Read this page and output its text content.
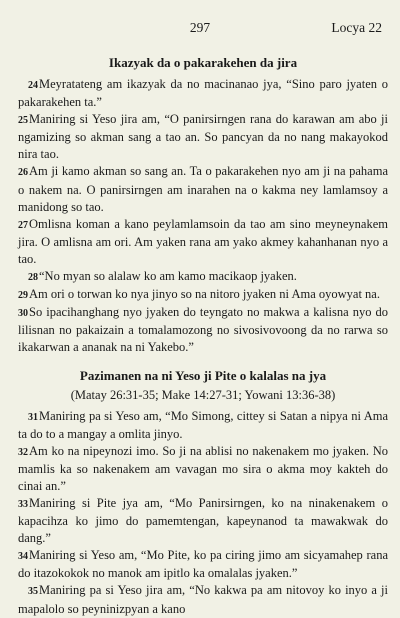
297	Locya 22
Ikazyak da o pakarakehen da jira

24Meyratateng am ikazyak da no macinanao jya, “Sino paro jyaten o pakarakehen ta.”

25Maniring si Yeso jira am, “O panirsirngen rana do karawan am abo ji ngamizing so akman sang a tao an. So pancyan da no nang makayokod nira tao.

26Am ji kamo akman so sang an. Ta o pakarakehen nyo am ji na pahama o nakem na. O panirsirngen am inarahen na o kakma ney lamlamsoy a manidong so tao.

27Omlisna koman a kano peylamlamsoin da tao am sino meyneynakem jira. O amlisna am ori. Am yaken rana am yako akmey kahanhanan nyo a tao.

28“No myan so alalaw ko am kamo macikaop jyaken.

29Am ori o torwan ko nya jinyo so na nitoro jyaken ni Ama oyowyat na.

30So ipacihanghang nyo jyaken do teyngato no makwa a kalisna nyo do lilisnan no pakaizain a tomalamozong no sivosivovoong da no rarwa so ikakarwan a ananak na ni Yakebo.”

Pazimanen na ni Yeso ji Pite o kalalas na jya
(Matay 26:31-35; Make 14:27-31; Yowani 13:36-38)

31Maniring pa si Yeso am, “Mo Simong, cittey si Satan a nipya ni Ama ta do to a mangay a omlita jinyo.

32Am ko na nipeynozi imo. So ji na ablisi no nakenakem mo jyaken. No mamlis ka so nakenakem am vavagan mo sira o akma moy kakteh do cinai an.”

33Maniring si Pite jya am, “Mo Panirsirngen, ko na ninakenakem o kapacihza ko jimo do pamemtengan, kapeynanod ta mawakwak do dang.”

34Maniring si Yeso am, “Mo Pite, ko pa ciring jimo am sicyamahep rana do itazokokok no manok am ipitlo ka omalalas jyaken.”

35Maniring pa si Yeso jira am, “No kakwa pa am nitovoy ko inyo a ji mapalolo so peyninizpyan a kano
